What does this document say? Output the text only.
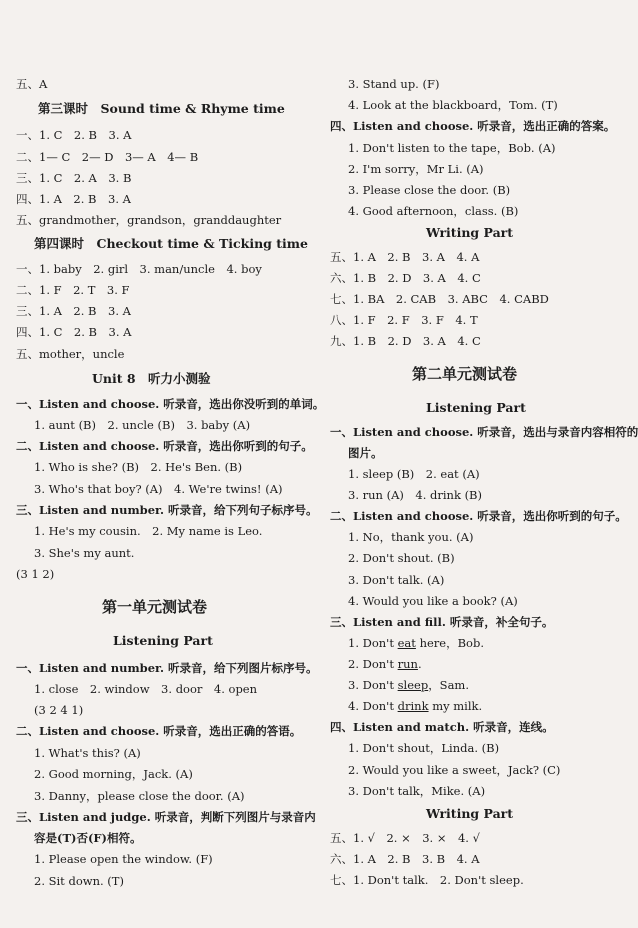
五、A
第三课时　Sound time & Rhyme time
一、1. C　2. B　3. A
二、1— C　2— D　3— A　4— B
三、1. C　2. A　3. B
四、1. A　2. B　3. A
五、grandmother，grandson，granddaughter
第四课时　Checkout time & Ticking time
一、1. baby　2. girl　3. man/uncle　4. boy
二、1. F　2. T　3. F
三、1. A　2. B　3. A
四、1. C　2. B　3. A
五、mother，uncle
Unit 8　听力小测验
一、Listen and choose. 听录音，选出你没听到的单词。
1. aunt (B)　2. uncle (B)　3. baby (A)
二、Listen and choose. 听录音，选出你听到的句子。
1. Who is she? (B)　2. He's Ben. (B)
3. Who's that boy? (A)　4. We're twins! (A)
三、Listen and number. 听录音，给下列句子标序号。
1. He's my cousin.　2. My name is Leo.
3. She's my aunt.
(3 1 2)
第一单元测试卷
Listening Part
一、Listen and number. 听录音，给下列图片标序号。
1. close　2. window　3. door　4. open
(3 2 4 1)
二、Listen and choose. 听录音，选出正确的答语。
1. What's this? (A)
2. Good morning，Jack. (A)
3. Danny，please close the door. (A)
三、Listen and judge. 听录音，判断下列图片与录音内
容是(T)否(F)相符。
1. Please open the window. (F)
2. Sit down. (T)
3. Stand up. (F)
4. Look at the blackboard，Tom. (T)
四、Listen and choose. 听录音，选出正确的答案。
1. Don't listen to the tape，Bob. (A)
2. I'm sorry，Mr Li. (A)
3. Please close the door. (B)
4. Good afternoon，class. (B)
Writing Part
五、1. A　2. B　3. A　4. A
六、1. B　2. D　3. A　4. C
七、1. BA　2. CAB　3. ABC　4. CABD
八、1. F　2. F　3. F　4. T
九、1. B　2. D　3. A　4. C
第二单元测试卷
Listening Part
一、Listen and choose. 听录音，选出与录音内容相符的
图片。
1. sleep (B)　2. eat (A)
3. run (A)　4. drink (B)
二、Listen and choose. 听录音，选出你听到的句子。
1. No，thank you. (A)
2. Don't shout. (B)
3. Don't talk. (A)
4. Would you like a book? (A)
三、Listen and fill. 听录音，补全句子。
1. Don't eat here，Bob.
2. Don't run.
3. Don't sleep，Sam.
4. Don't drink my milk.
四、Listen and match. 听录音，连线。
1. Don't shout，Linda. (B)
2. Would you like a sweet，Jack? (C)
3. Don't talk，Mike. (A)
Writing Part
五、1. √　2. ×　3. ×　4. √
六、1. A　2. B　3. B　4. A
七、1. Don't talk.　2. Don't sleep.
